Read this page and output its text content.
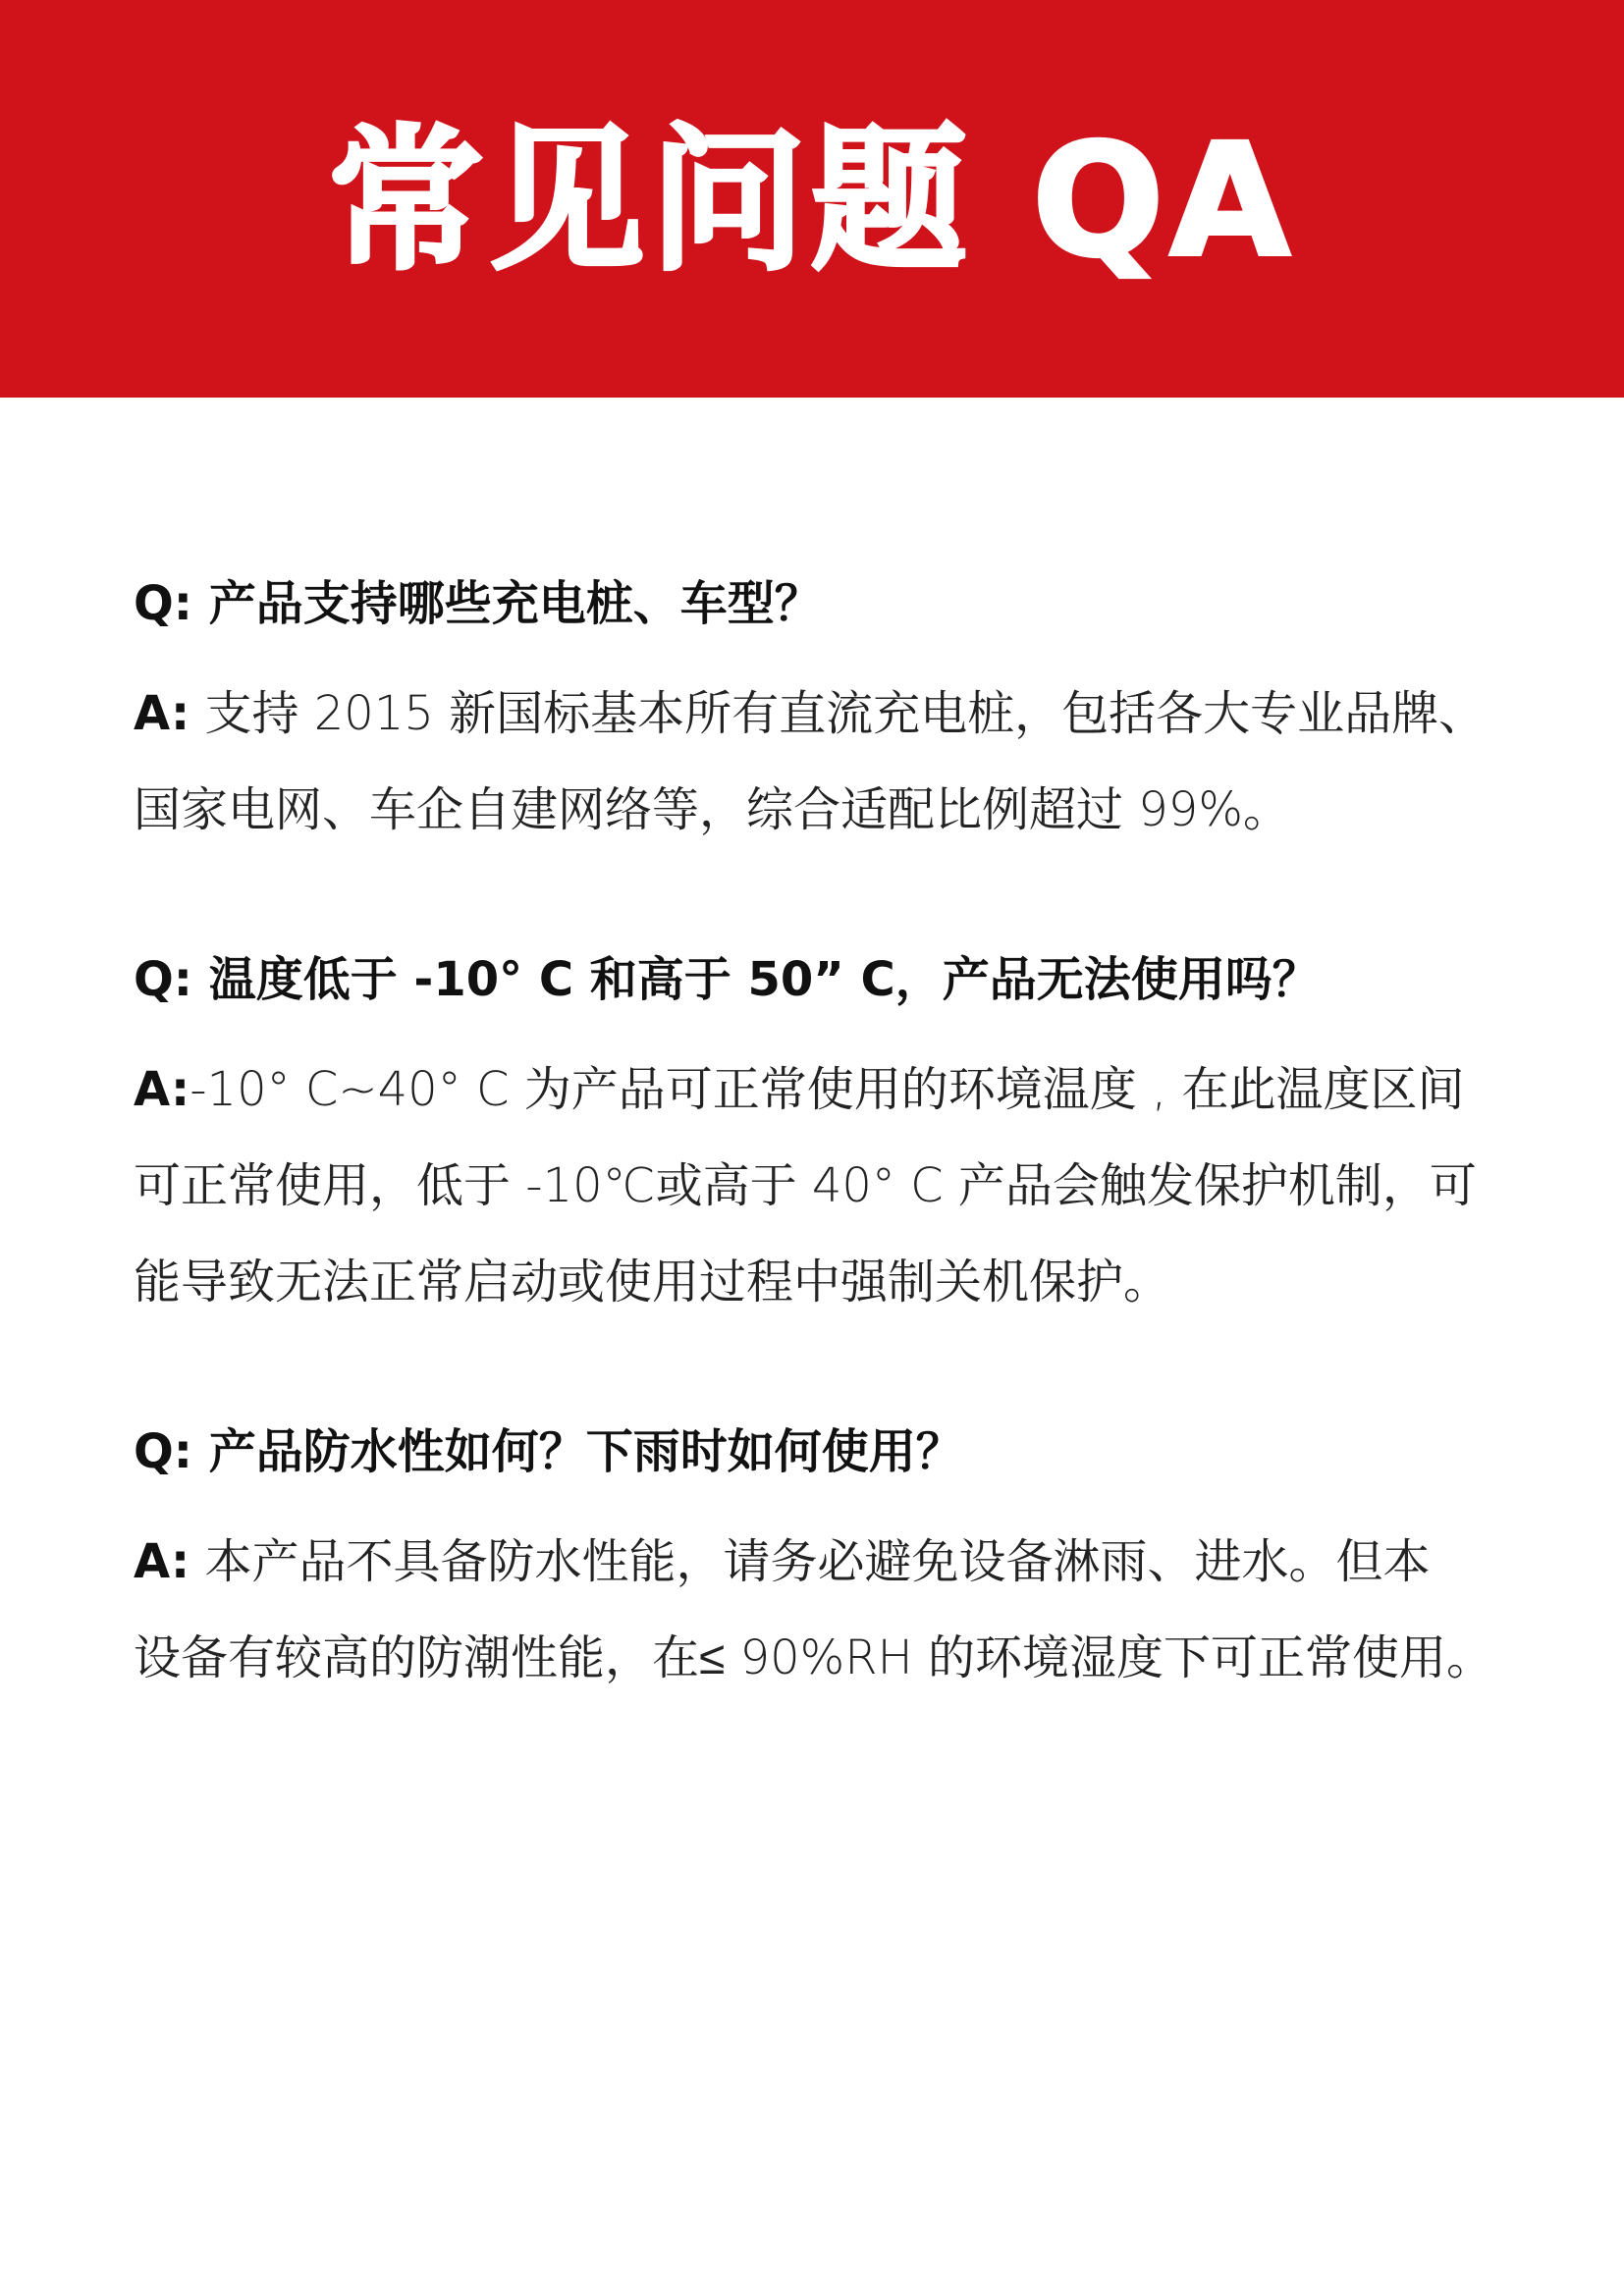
常见问题 QA

Q: 产品支持哪些充电桩、车型？

A: 支持 2015 新国标基本所有直流充电桩，包括各大专业品牌、
国家电网、车企自建网络等，综合适配比例超过 99%。

Q: 温度低于 -10° C 和高于 50” C，产品无法使用吗？

A:-10° C~40° C 为产品可正常使用的环境温度 , 在此温度区间
可正常使用，低于 -10℃或高于 40° C 产品会触发保护机制，可
能导致无法正常启动或使用过程中强制关机保护。

Q: 产品防水性如何？下雨时如何使用？

A: 本产品不具备防水性能，请务必避免设备淋雨、进水。但本
设备有较高的防潮性能，在≤ 90%RH 的环境湿度下可正常使用。
